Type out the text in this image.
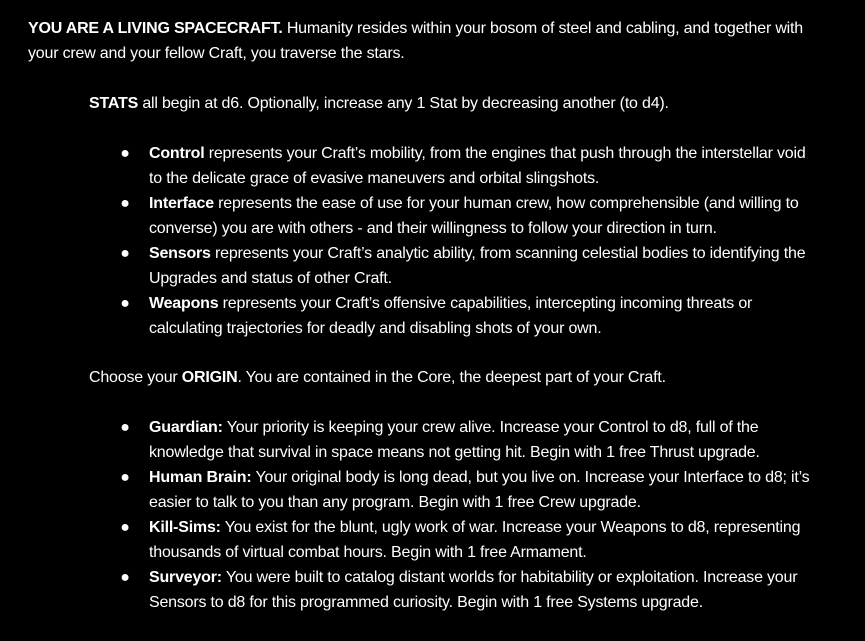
YOU ARE A LIVING SPACECRAFT. Humanity resides within your bosom of steel and cabling, and together with your crew and your fellow Craft, you traverse the stars.

STATS all begin at d6. Optionally, increase any 1 Stat by decreasing another (to d4).

● Control represents your Craft’s mobility, from the engines that push through the interstellar void to the delicate grace of evasive maneuvers and orbital slingshots.
● Interface represents the ease of use for your human crew, how comprehensible (and willing to converse) you are with others - and their willingness to follow your direction in turn.
● Sensors represents your Craft’s analytic ability, from scanning celestial bodies to identifying the Upgrades and status of other Craft.
● Weapons represents your Craft’s offensive capabilities, intercepting incoming threats or calculating trajectories for deadly and disabling shots of your own.

Choose your ORIGIN. You are contained in the Core, the deepest part of your Craft.

● Guardian: Your priority is keeping your crew alive. Increase your Control to d8, full of the knowledge that survival in space means not getting hit. Begin with 1 free Thrust upgrade.
● Human Brain: Your original body is long dead, but you live on. Increase your Interface to d8; it’s easier to talk to you than any program. Begin with 1 free Crew upgrade.
● Kill-Sims: You exist for the blunt, ugly work of war. Increase your Weapons to d8, representing thousands of virtual combat hours. Begin with 1 free Armament.
● Surveyor: You were built to catalog distant worlds for habitability or exploitation. Increase your Sensors to d8 for this programmed curiosity. Begin with 1 free Systems upgrade.
